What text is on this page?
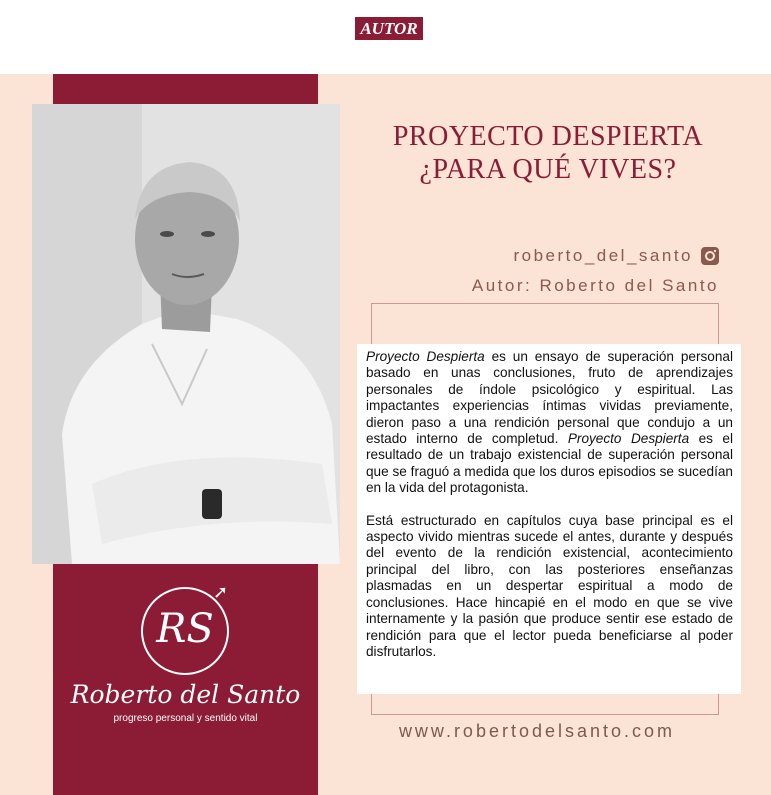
AUTOR
RS
➚
Roberto del Santo
progreso personal y sentido vital
PROYECTO DESPIERTA
¿PARA QUÉ VIVES?
roberto_del_santo
Autor: Roberto del Santo

Proyecto Despierta es un ensayo de superación personal basado en unas conclusiones, fruto de aprendizajes personales de índole psicológico y espiritual. Las impactantes experiencias íntimas vividas previamente, dieron paso a una rendición personal que condujo a un estado interno de completud. Proyecto Despierta es el resultado de un trabajo existencial de superación personal que se fraguó a medida que los duros episodios se sucedían en la vida del protagonista.

Está estructurado en capítulos cuya base principal es el aspecto vivido mientras sucede el antes, durante y después del evento de la rendición existencial, acontecimiento principal del libro, con las posteriores enseñanzas plasmadas en un despertar espiritual a modo de conclusiones. Hace hincapié en el modo en que se vive internamente y la pasión que produce sentir ese estado de rendición para que el lector pueda beneficiarse al poder disfrutarlos.

www.robertodelsanto.com
